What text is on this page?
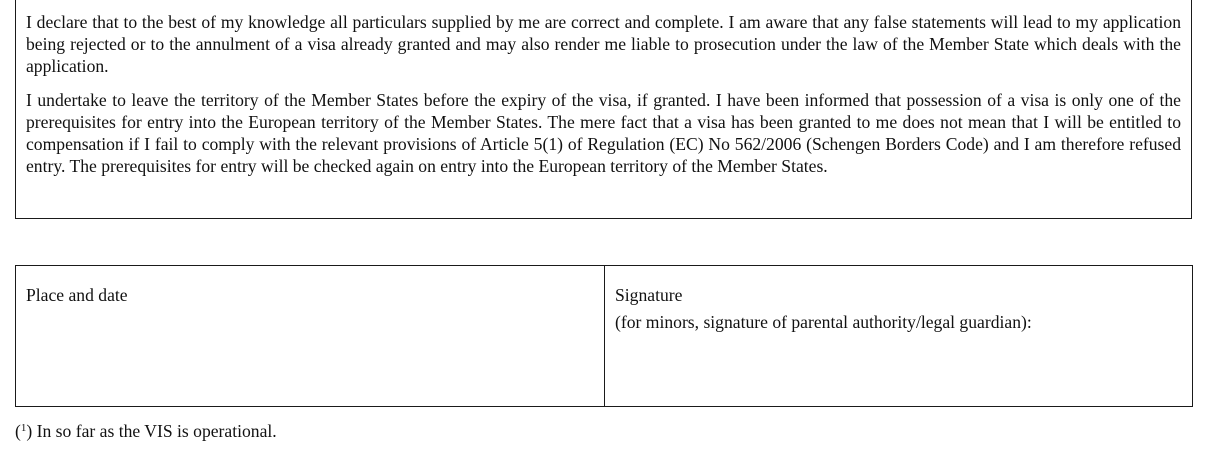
I declare that to the best of my knowledge all particulars supplied by me are correct and complete. I am aware that any false statements will lead to my application being rejected or to the annulment of a visa already granted and may also render me liable to prosecution under the law of the Member State which deals with the application.

I undertake to leave the territory of the Member States before the expiry of the visa, if granted. I have been informed that possession of a visa is only one of the prerequisites for entry into the European territory of the Member States. The mere fact that a visa has been granted to me does not mean that I will be entitled to compensation if I fail to comply with the relevant provisions of Article 5(1) of Regulation (EC) No 562/2006 (Schengen Borders Code) and I am therefore refused entry. The prerequisites for entry will be checked again on entry into the European territory of the Member States.

Place and date	Signature
(for minors, signature of parental authority/legal guardian):
($^1$) In so far as the VIS is operational.
